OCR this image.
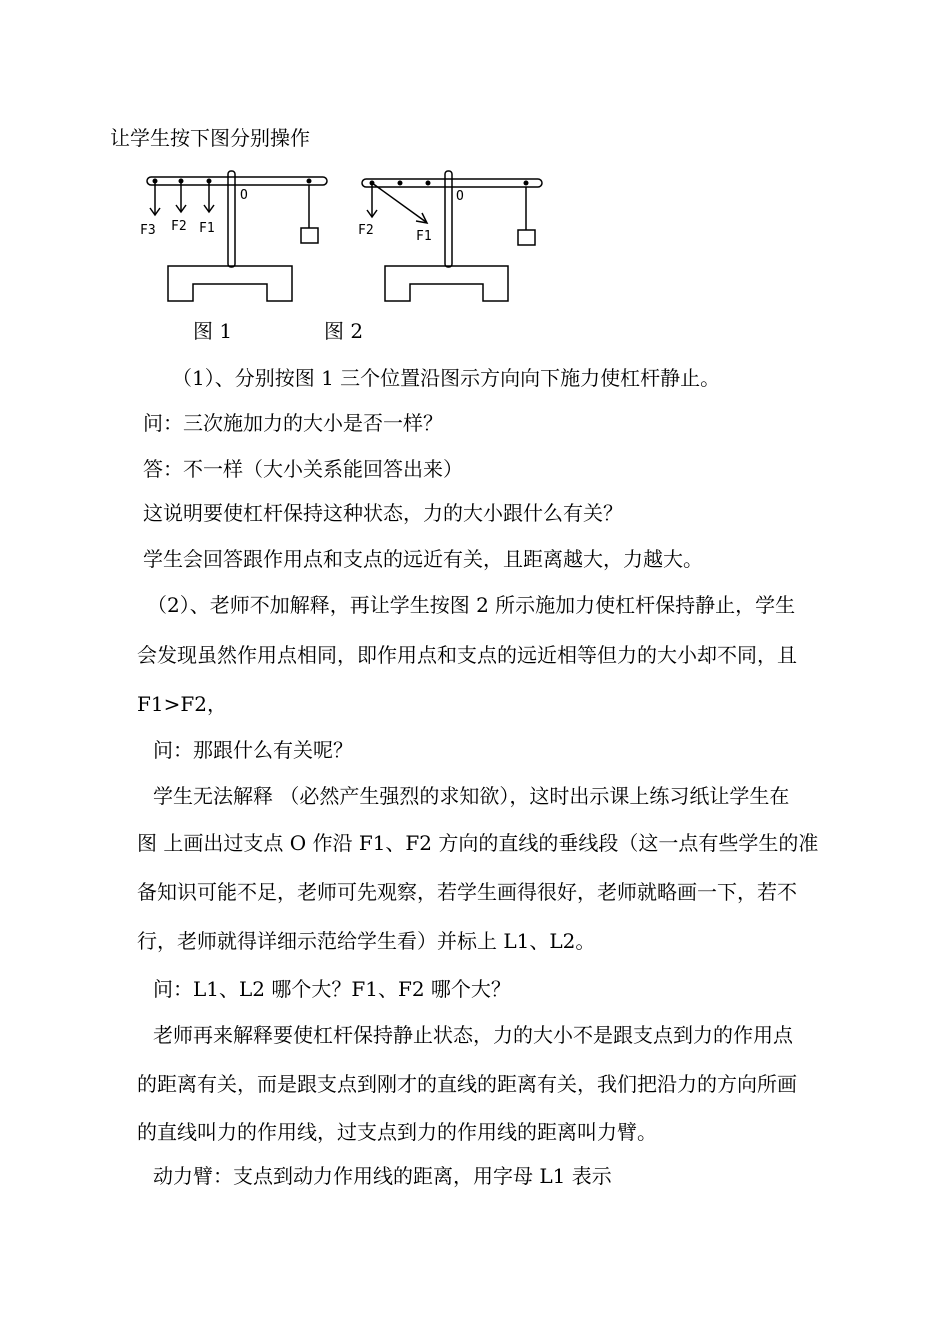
让学生按下图分别操作
O
F3 F2 F1
O
F2	F1
图 1	图 2
（1）、分别按图 1 三个位置沿图示方向向下施力使杠杆静止。
问：三次施加力的大小是否一样？
答：不一样（大小关系能回答出来）
这说明要使杠杆保持这种状态，力的大小跟什么有关？
学生会回答跟作用点和支点的远近有关，且距离越大，力越大。
（2）、老师不加解释，再让学生按图 2 所示施加力使杠杆保持静止，学生
会发现虽然作用点相同，即作用点和支点的远近相等但力的大小却不同，且
F1>F2，
问：那跟什么有关呢？
学生无法解释 （必然产生强烈的求知欲），这时出示课上练习纸让学生在
图 上画出过支点 O 作沿 F1、F2 方向的直线的垂线段（这一点有些学生的准
备知识可能不足，老师可先观察，若学生画得很好，老师就略画一下，若不
行，老师就得详细示范给学生看）并标上 L1、L2。
问：L1、L2 哪个大？F1、F2 哪个大？
老师再来解释要使杠杆保持静止状态，力的大小不是跟支点到力的作用点
的距离有关，而是跟支点到刚才的直线的距离有关，我们把沿力的方向所画
的直线叫力的作用线，过支点到力的作用线的距离叫力臂。
动力臂：支点到动力作用线的距离，用字母 L1 表示
